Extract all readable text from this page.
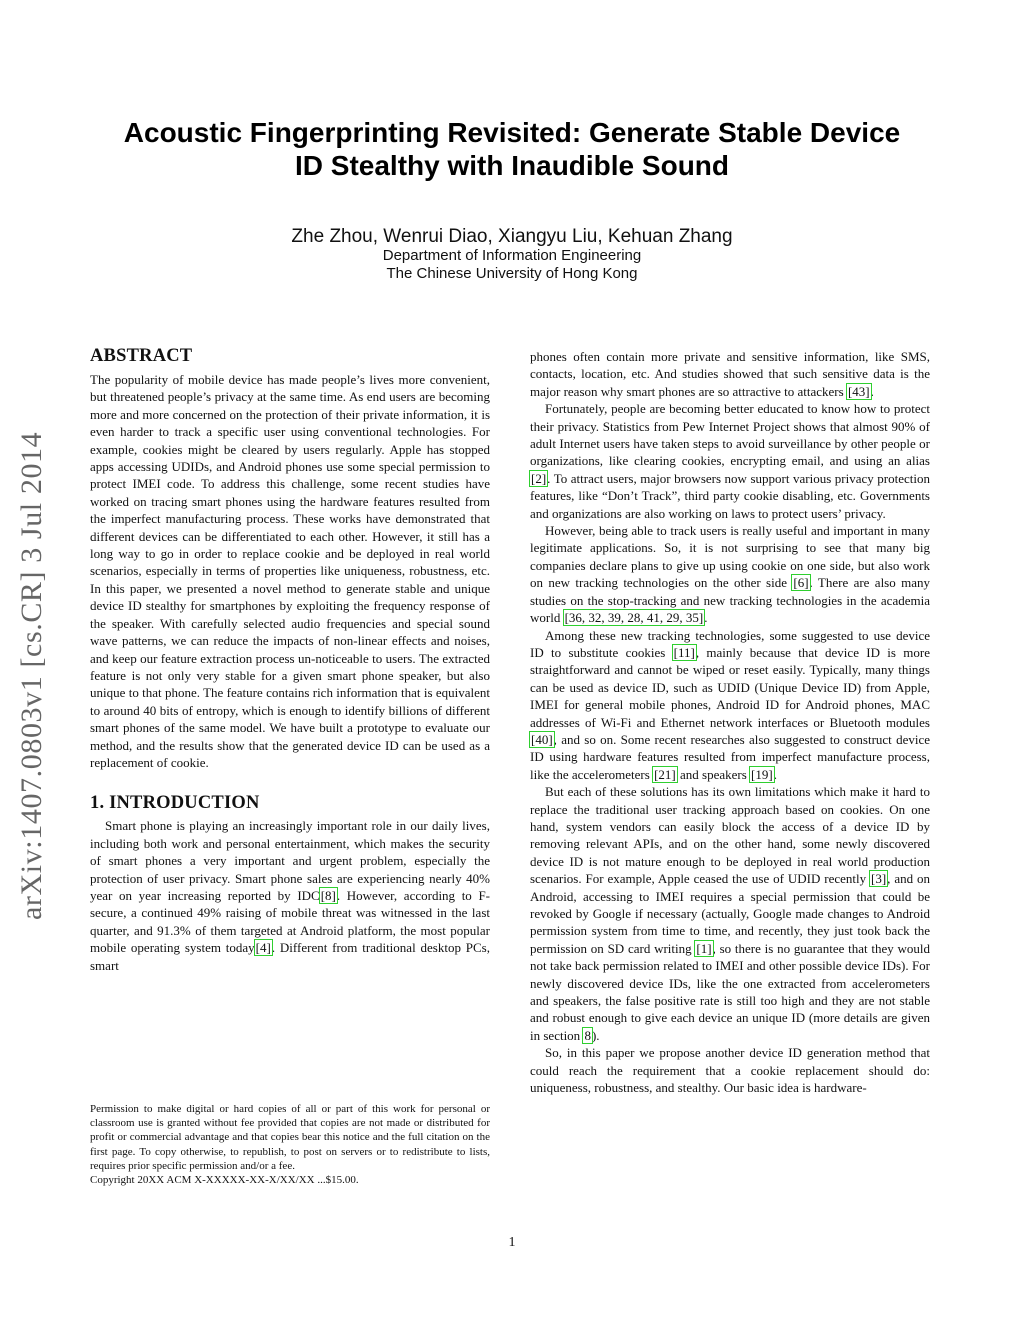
Acoustic Fingerprinting Revisited: Generate Stable Device
ID Stealthy with Inaudible Sound
Zhe Zhou, Wenrui Diao, Xiangyu Liu, Kehuan Zhang
Department of Information Engineering
The Chinese University of Hong Kong
arXiv:1407.0803v1 [cs.CR] 3 Jul 2014
ABSTRACT

The popularity of mobile device has made people’s lives more convenient, but threatened people’s privacy at the same time. As end users are becoming more and more concerned on the protection of their private information, it is even harder to track a specific user using conventional technologies. For example, cookies might be cleared by users regularly. Apple has stopped apps accessing UDIDs, and Android phones use some special permission to protect IMEI code. To address this challenge, some recent studies have worked on tracing smart phones using the hardware features resulted from the imperfect manufacturing process. These works have demonstrated that different devices can be differentiated to each other. However, it still has a long way to go in order to replace cookie and be deployed in real world scenarios, especially in terms of properties like uniqueness, robustness, etc. In this paper, we presented a novel method to generate stable and unique device ID stealthy for smartphones by exploiting the frequency response of the speaker. With carefully selected audio frequencies and special sound wave patterns, we can reduce the impacts of non-linear effects and noises, and keep our feature extraction process un-noticeable to users. The extracted feature is not only very stable for a given smart phone speaker, but also unique to that phone. The feature contains rich information that is equivalent to around 40 bits of entropy, which is enough to identify billions of different smart phones of the same model. We have built a prototype to evaluate our method, and the results show that the generated device ID can be used as a replacement of cookie.

1. INTRODUCTION

Smart phone is playing an increasingly important role in our daily lives, including both work and personal entertainment, which makes the security of smart phones a very important and urgent problem, especially the protection of user privacy. Smart phone sales are experiencing nearly 40% year on year increasing reported by IDC[8]. However, according to F-secure, a continued 49% raising of mobile threat was witnessed in the last quarter, and 91.3% of them targeted at Android platform, the most popular mobile operating system today[4]. Different from traditional desktop PCs, smart

Permission to make digital or hard copies of all or part of this work for personal or classroom use is granted without fee provided that copies are not made or distributed for profit or commercial advantage and that copies bear this notice and the full citation on the first page. To copy otherwise, to republish, to post on servers or to redistribute to lists, requires prior specific permission and/or a fee.

Copyright 20XX ACM X-XXXXX-XX-X/XX/XX ...$15.00.

phones often contain more private and sensitive information, like SMS, contacts, location, etc. And studies showed that such sensitive data is the major reason why smart phones are so attractive to attackers [43].

Fortunately, people are becoming better educated to know how to protect their privacy. Statistics from Pew Internet Project shows that almost 90% of adult Internet users have taken steps to avoid surveillance by other people or organizations, like clearing cookies, encrypting email, and using an alias [2]. To attract users, major browsers now support various privacy protection features, like “Don’t Track”, third party cookie disabling, etc. Governments and organizations are also working on laws to protect users’ privacy.

However, being able to track users is really useful and important in many legitimate applications. So, it is not surprising to see that many big companies declare plans to give up using cookie on one side, but also work on new tracking technologies on the other side [6]. There are also many studies on the stop-tracking and new tracking technologies in the academia world [36, 32, 39, 28, 41, 29, 35].

Among these new tracking technologies, some suggested to use device ID to substitute cookies [11], mainly because that device ID is more straightforward and cannot be wiped or reset easily. Typically, many things can be used as device ID, such as UDID (Unique Device ID) from Apple, IMEI for general mobile phones, Android ID for Android phones, MAC addresses of Wi-Fi and Ethernet network interfaces or Bluetooth modules [40], and so on. Some recent researches also suggested to construct device ID using hardware features resulted from imperfect manufacture process, like the accelerometers [21] and speakers [19].

But each of these solutions has its own limitations which make it hard to replace the traditional user tracking approach based on cookies. On one hand, system vendors can easily block the access of a device ID by removing relevant APIs, and on the other hand, some newly discovered device ID is not mature enough to be deployed in real world production scenarios. For example, Apple ceased the use of UDID recently [3], and on Android, accessing to IMEI requires a special permission that could be revoked by Google if necessary (actually, Google made changes to Android permission system from time to time, and recently, they just took back the permission on SD card writing [1], so there is no guarantee that they would not take back permission related to IMEI and other possible device IDs). For newly discovered device IDs, like the one extracted from accelerometers and speakers, the false positive rate is still too high and they are not stable and robust enough to give each device an unique ID (more details are given in section 8).

So, in this paper we propose another device ID generation method that could reach the requirement that a cookie replacement should do: uniqueness, robustness, and stealthy. Our basic idea is hardware-

1
